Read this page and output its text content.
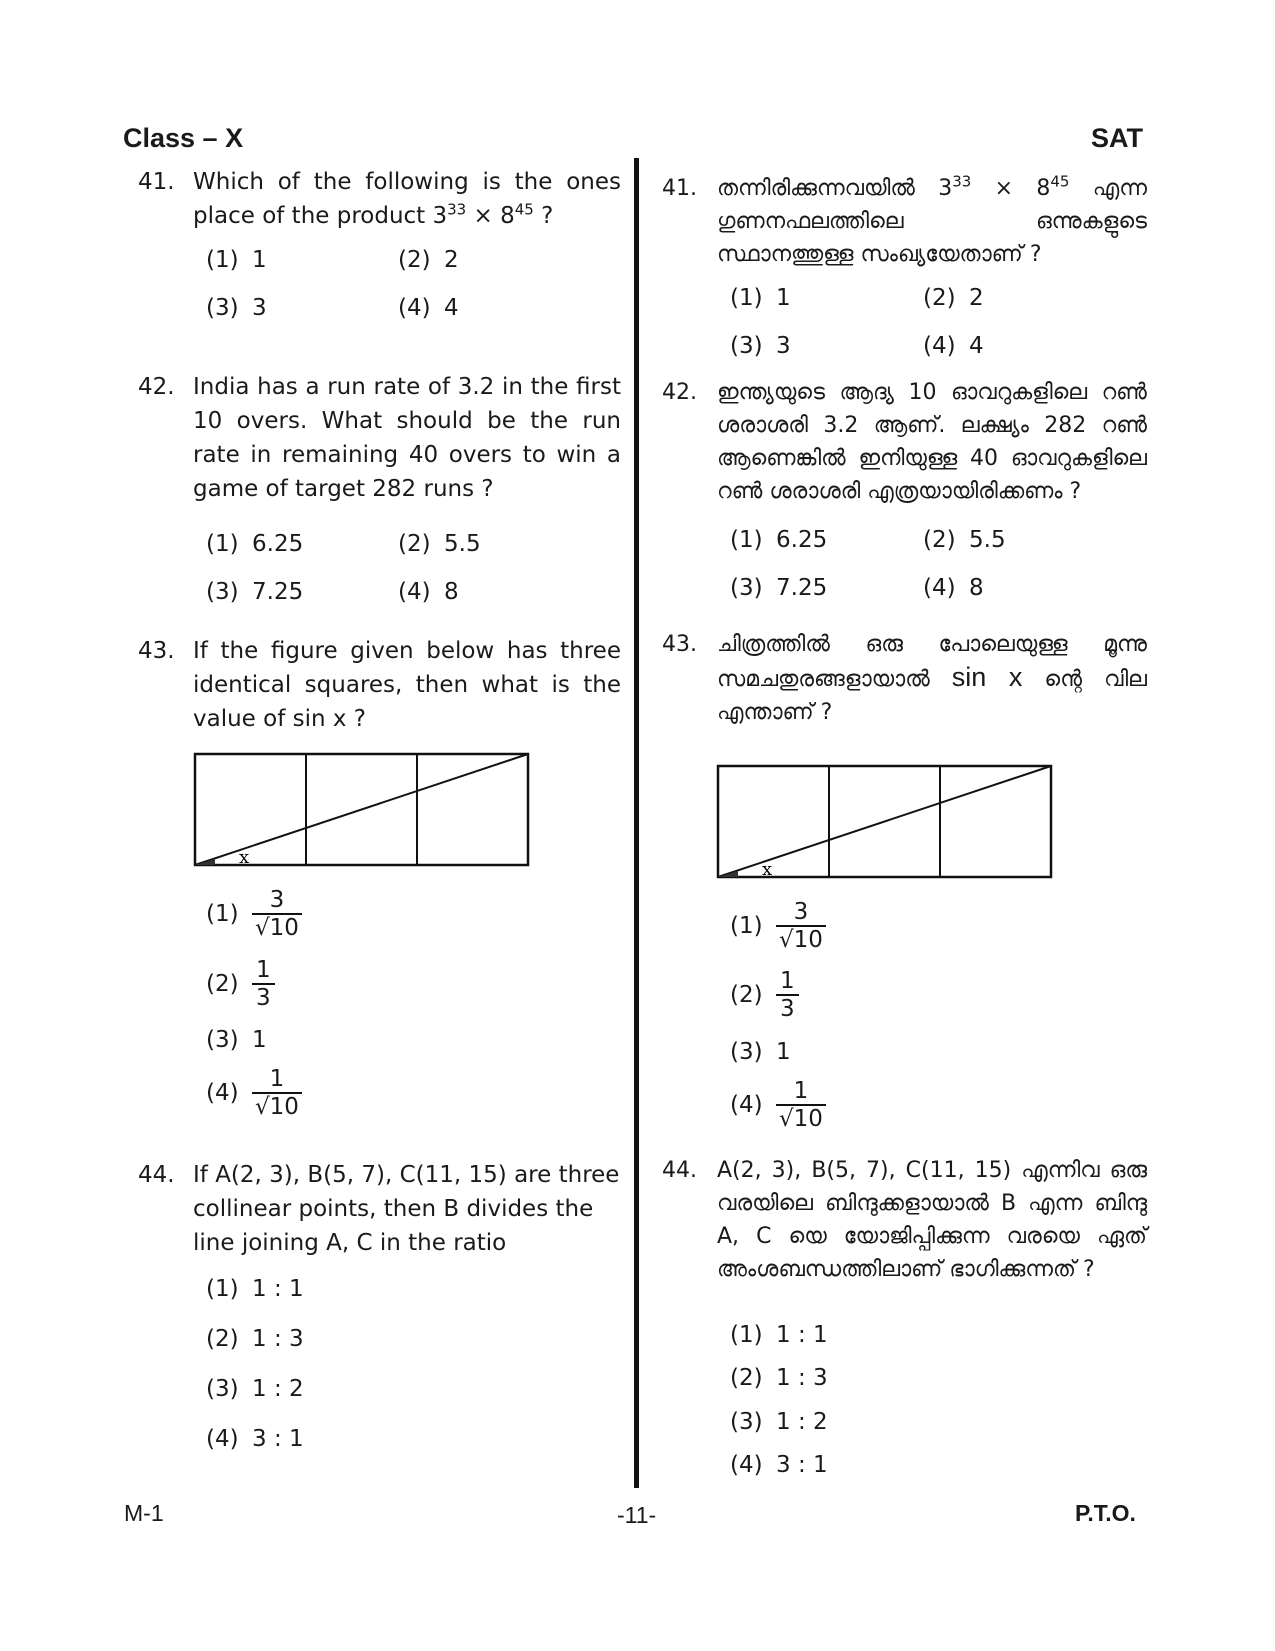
Class – X	SAT
41. Which of the following is the ones place of the product $3^{33} \times 8^{45}$ ?
(1) 1	(2) 2
(3) 3	(4) 4
42. India has a run rate of 3.2 in the first 10 overs. What should be the run rate in remaining 40 overs to win a game of target 282 runs ?
(1) 6.25	(2) 5.5
(3) 7.25	(4) 8
43. If the figure given below has three identical squares, then what is the value of sin x ?
x
$(1) \frac{3}{√10}$
$(2) \frac{1}{3}$
(3) 1
$(4) \frac{1}{√10}$
44. If A(2, 3), B(5, 7), C(11, 15) are three collinear points, then B divides the line joining A, C in the ratio
(1) 1 : 1
(2) 1 : 3
(3) 1 : 2
(4) 3 : 1
41. തന്നിരിക്കുന്നവയിൽ $3^{33} \times 8^{45}$ എന്ന ഗുണനഫലത്തിലെ ഒന്നുകളുടെ സ്ഥാനത്തുള്ള സംഖ്യയേതാണ് ?
(1) 1	(2) 2
(3) 3	(4) 4
42. ഇന്ത്യയുടെ ആദ്യ 10 ഓവറുകളിലെ റൺ ശരാശരി 3.2 ആണ്. ലക്ഷ്യം 282 റൺ ആണെങ്കിൽ ഇനിയുള്ള 40 ഓവറുകളിലെ റൺ ശരാശരി എത്രയായിരിക്കണം ?
(1) 6.25	(2) 5.5
(3) 7.25	(4) 8
43. ചിത്രത്തിൽ ഒരു പോലെയുള്ള മൂന്നു സമചതുരങ്ങളായാൽ sin x ന്റെ വില എന്താണ് ?
x
$(1) \frac{3}{√10}$
$(2) \frac{1}{3}$
(3) 1
$(4) \frac{1}{√10}$
44. A(2, 3), B(5, 7), C(11, 15) എന്നിവ ഒരു വരയിലെ ബിന്ദുക്കളായാൽ B എന്ന ബിന്ദു A, C യെ യോജിപ്പിക്കുന്ന വരയെ ഏത് അംശബന്ധത്തിലാണ് ഭാഗിക്കുന്നത് ?
(1) 1 : 1
(2) 1 : 3
(3) 1 : 2
(4) 3 : 1
M-1	-11-	P.T.O.
